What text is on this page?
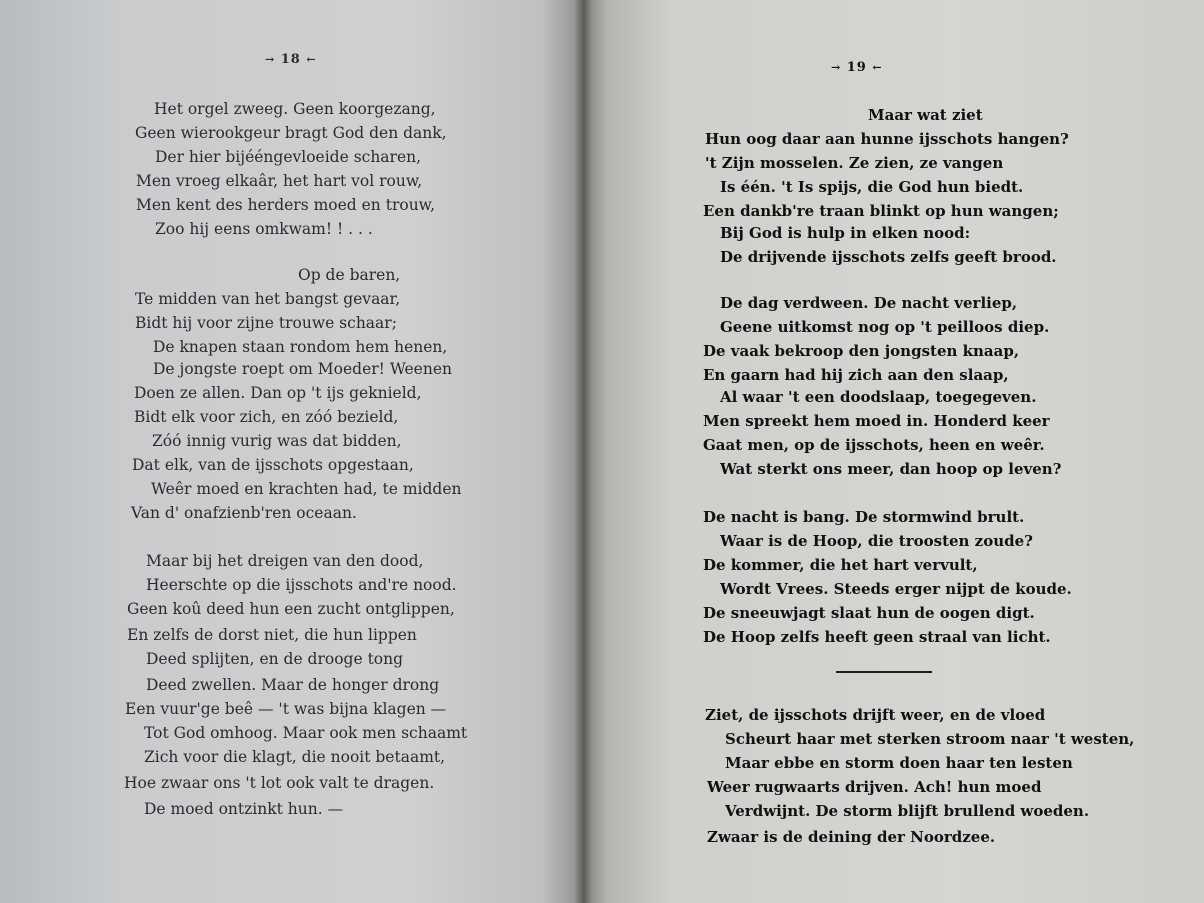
→ 18 ←
Het orgel zweeg. Geen koorgezang,
Geen wierookgeur bragt God den dank,
Der hier bijééngevloeide scharen,
Men vroeg elkaâr, het hart vol rouw,
Men kent des herders moed en trouw,
Zoo hij eens omkwam! ! . . .
Op de baren,
Te midden van het bangst gevaar,
Bidt hij voor zijne trouwe schaar;
De knapen staan rondom hem henen,
De jongste roept om Moeder! Weenen
Doen ze allen. Dan op 't ijs geknield,
Bidt elk voor zich, en zóó bezield,
Zóó innig vurig was dat bidden,
Dat elk, van de ijsschots opgestaan,
Weêr moed en krachten had, te midden
Van d' onafzienb'ren oceaan.
Maar bij het dreigen van den dood,
Heerschte op die ijsschots and're nood.
Geen koû deed hun een zucht ontglippen,
En zelfs de dorst niet, die hun lippen
Deed splijten, en de drooge tong
Deed zwellen. Maar de honger drong
Een vuur'ge beê — 't was bijna klagen —
Tot God omhoog. Maar ook men schaamt
Zich voor die klagt, die nooit betaamt,
Hoe zwaar ons 't lot ook valt te dragen.
De moed ontzinkt hun. —
→ 19 ←
Maar wat ziet
Hun oog daar aan hunne ijsschots hangen?
't Zijn mosselen. Ze zien, ze vangen
Is één. 't Is spijs, die God hun biedt.
Een dankb're traan blinkt op hun wangen;
Bij God is hulp in elken nood:
De drijvende ijsschots zelfs geeft brood.
De dag verdween. De nacht verliep,
Geene uitkomst nog op 't peilloos diep.
De vaak bekroop den jongsten knaap,
En gaarn had hij zich aan den slaap,
Al waar 't een doodslaap, toegegeven.
Men spreekt hem moed in. Honderd keer
Gaat men, op de ijsschots, heen en weêr.
Wat sterkt ons meer, dan hoop op leven?
De nacht is bang. De stormwind brult.
Waar is de Hoop, die troosten zoude?
De kommer, die het hart vervult,
Wordt Vrees. Steeds erger nijpt de koude.
De sneeuwjagt slaat hun de oogen digt.
De Hoop zelfs heeft geen straal van licht.
Ziet, de ijsschots drijft weer, en de vloed
Scheurt haar met sterken stroom naar 't westen,
Maar ebbe en storm doen haar ten lesten
Weer rugwaarts drijven. Ach! hun moed
Verdwijnt. De storm blijft brullend woeden.
Zwaar is de deining der Noordzee.
